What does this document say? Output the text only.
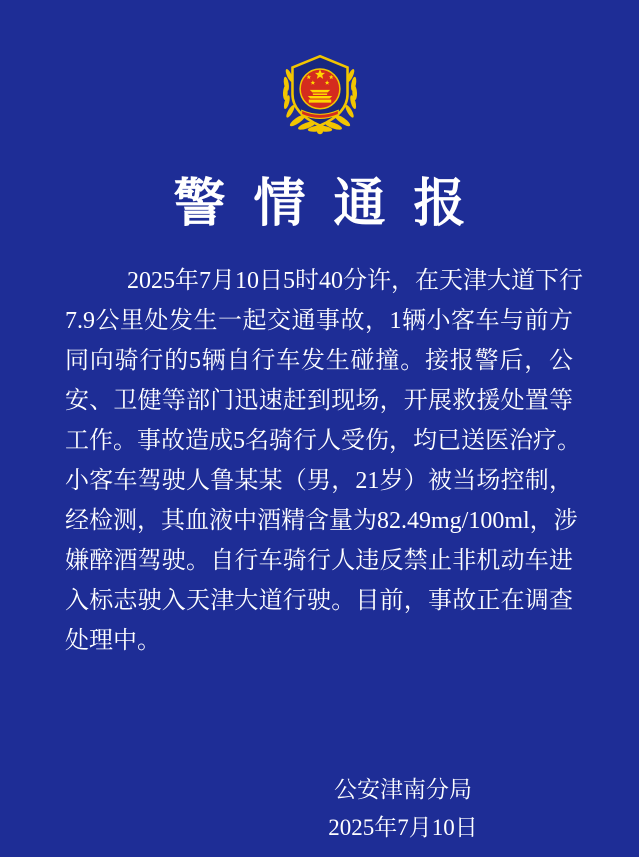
警情通报
2025年7月10日5时40分许，在天津大道下行
7.9公里处发生一起交通事故，1辆小客车与前方
同向骑行的5辆自行车发生碰撞。接报警后，公
安、卫健等部门迅速赶到现场，开展救援处置等
工作。事故造成5名骑行人受伤，均已送医治疗。
小客车驾驶人鲁某某（男，21岁）被当场控制，
经检测，其血液中酒精含量为82.49mg/100ml，涉
嫌醉酒驾驶。自行车骑行人违反禁止非机动车进
入标志驶入天津大道行驶。目前，事故正在调查
处理中。
公安津南分局
2025年7月10日
